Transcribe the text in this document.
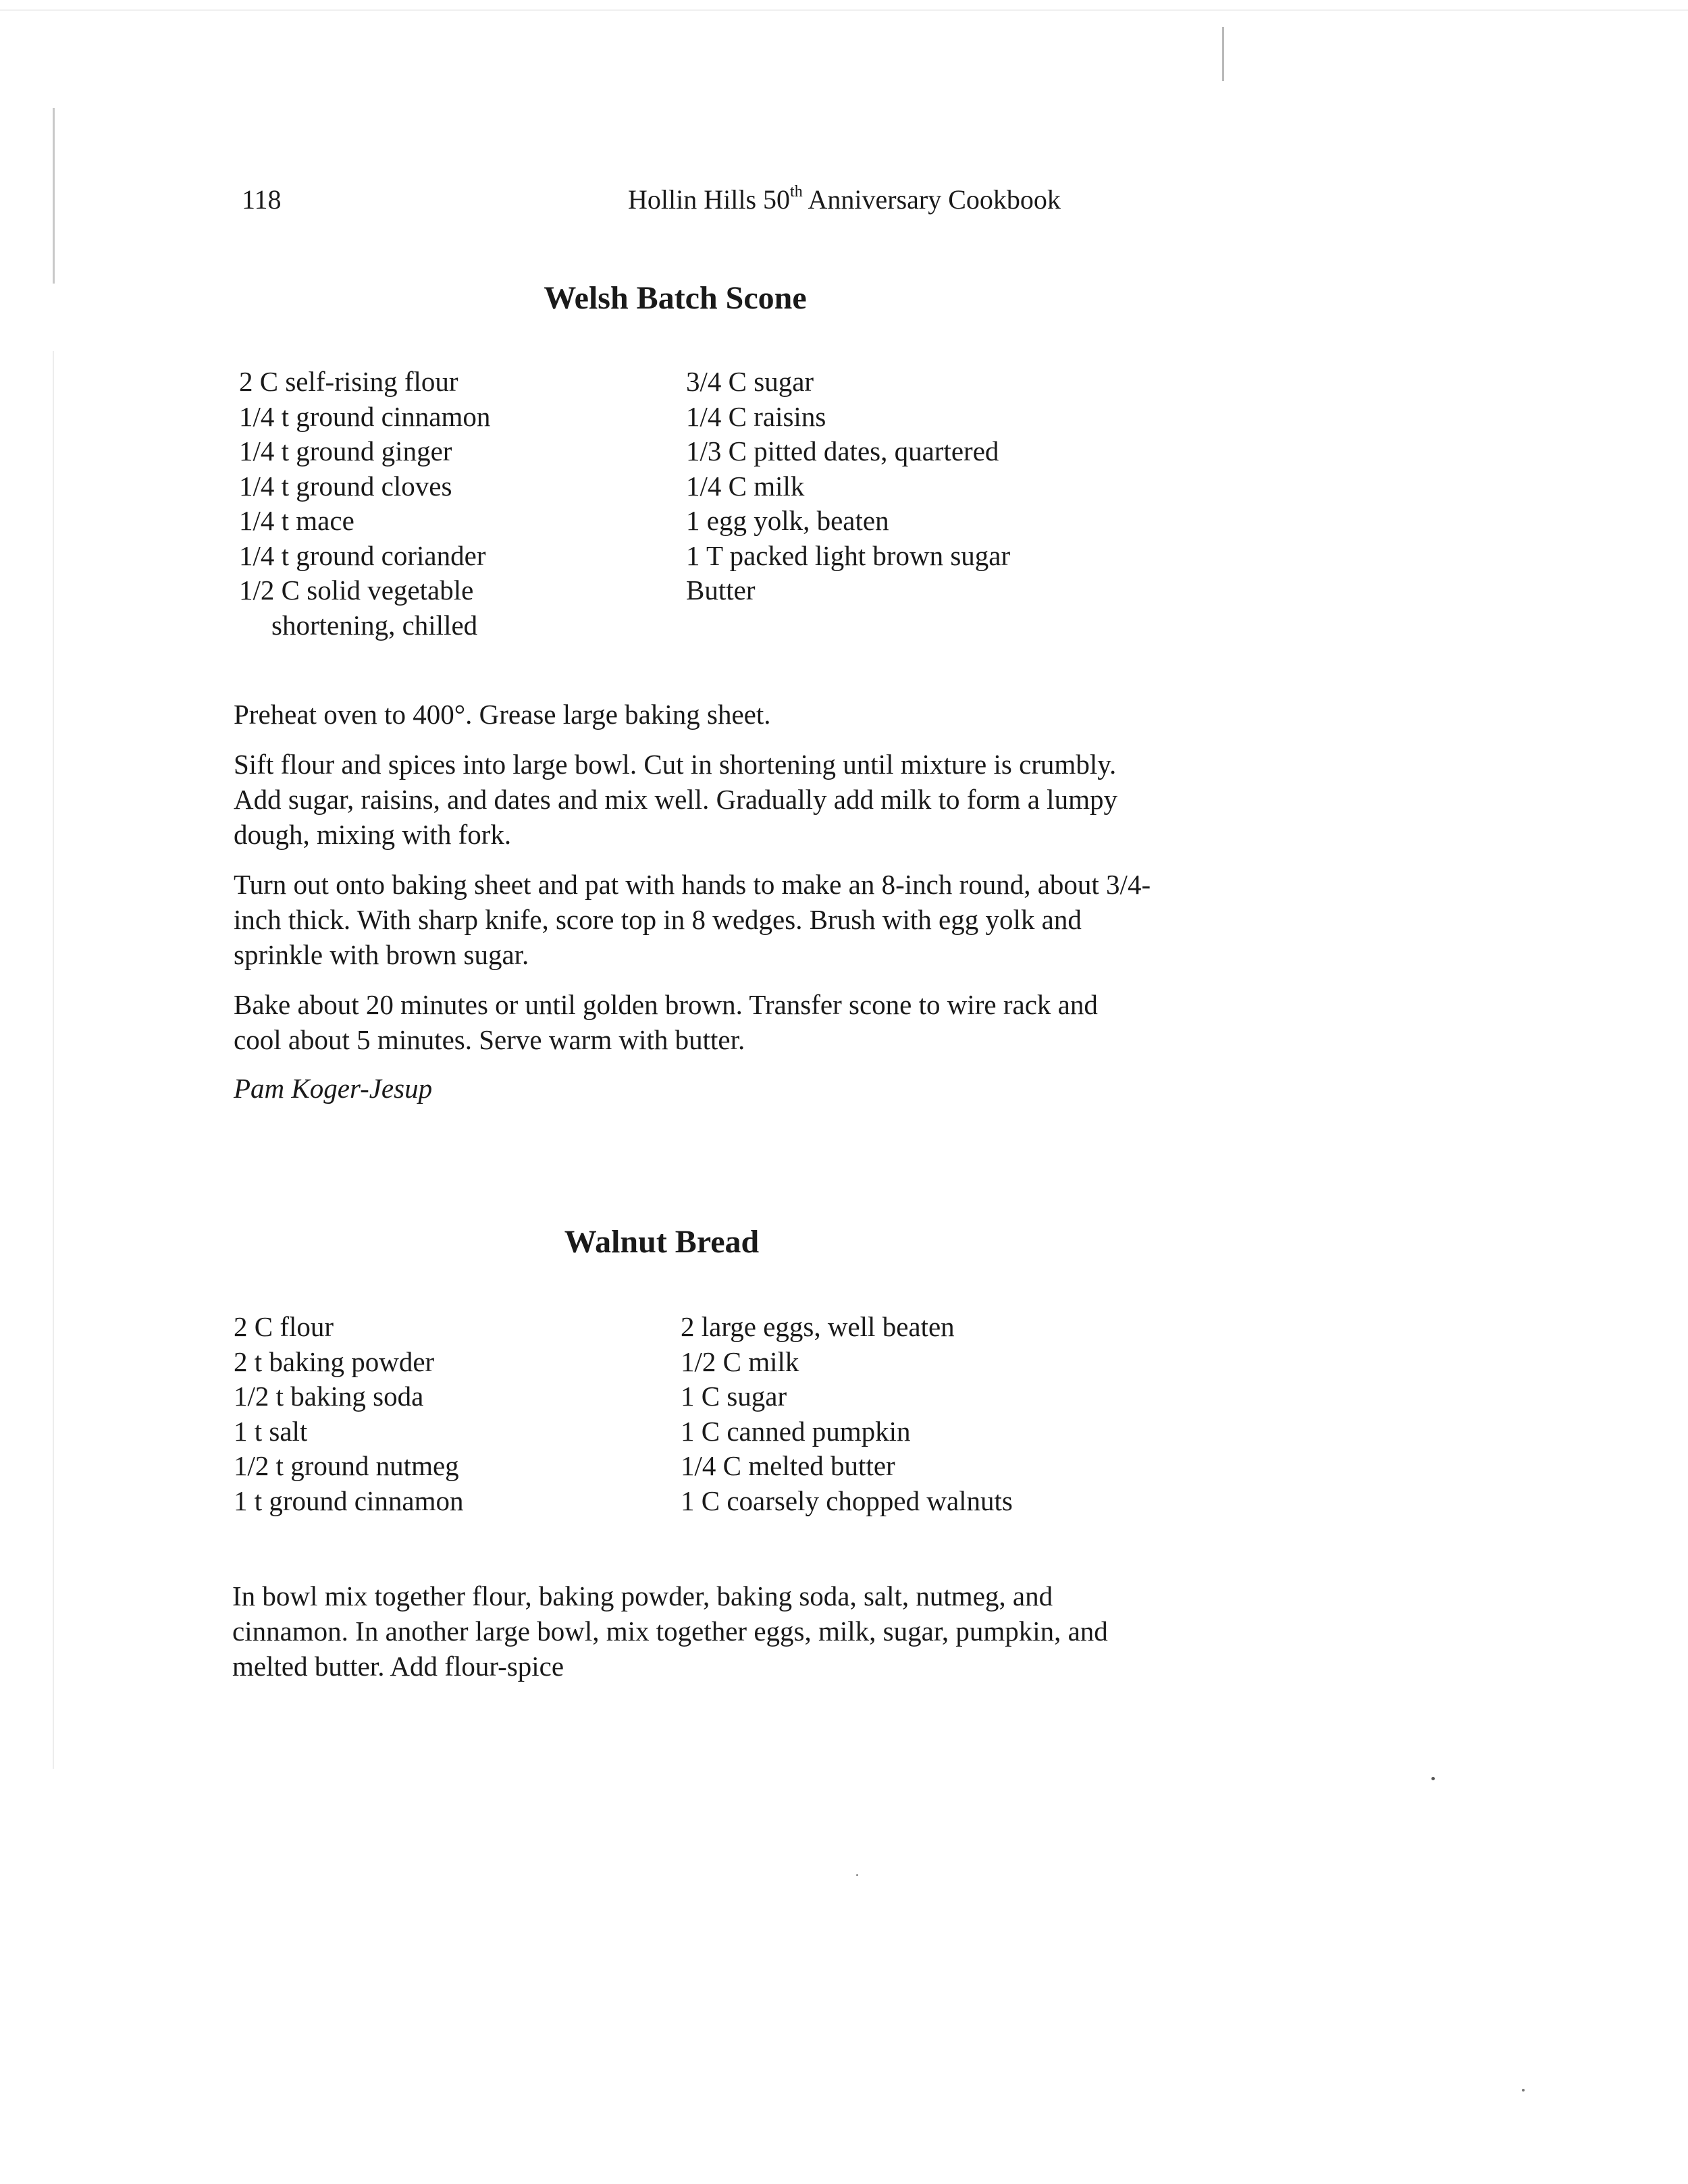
118	Hollin Hills 50th Anniversary Cookbook
Welsh Batch Scone
2 C self-rising flour
1/4 t ground cinnamon
1/4 t ground ginger
1/4 t ground cloves
1/4 t mace
1/4 t ground coriander
1/2 C solid vegetable
shortening, chilled
3/4 C sugar
1/4 C raisins
1/3 C pitted dates, quartered
1/4 C milk
1 egg yolk, beaten
1 T packed light brown sugar
Butter

Preheat oven to 400°. Grease large baking sheet.

Sift flour and spices into large bowl. Cut in shortening until mixture is crumbly. Add sugar, raisins, and dates and mix well. Gradually add milk to form a lumpy dough, mixing with fork.

Turn out onto baking sheet and pat with hands to make an 8-inch round, about 3/4-inch thick. With sharp knife, score top in 8 wedges. Brush with egg yolk and sprinkle with brown sugar.

Bake about 20 minutes or until golden brown. Transfer scone to wire rack and cool about 5 minutes. Serve warm with butter.

Pam Koger-Jesup
Walnut Bread
2 C flour
2 t baking powder
1/2 t baking soda
1 t salt
1/2 t ground nutmeg
1 t ground cinnamon
2 large eggs, well beaten
1/2 C milk
1 C sugar
1 C canned pumpkin
1/4 C melted butter
1 C coarsely chopped walnuts

In bowl mix together flour, baking powder, baking soda, salt, nutmeg, and cinnamon. In another large bowl, mix together eggs, milk, sugar, pumpkin, and melted butter. Add flour-spice
